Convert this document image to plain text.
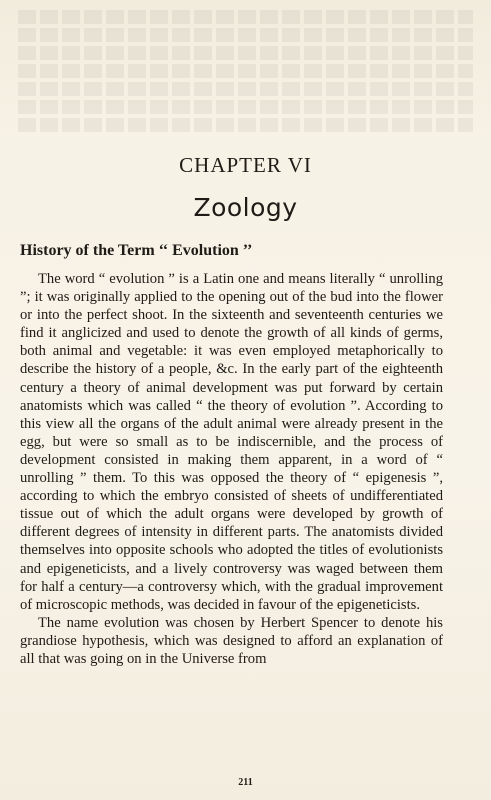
CHAPTER VI
Zoology
History of the Term ‘‘ Evolution ’’

The word “ evolution ” is a Latin one and means literally “ unrolling ”; it was originally applied to the opening out of the bud into the flower or into the perfect shoot. In the sixteenth and seventeenth centuries we find it anglicized and used to denote the growth of all kinds of germs, both animal and vegetable: it was even employed metaphorically to describe the history of a people, &c. In the early part of the eighteenth century a theory of animal development was put forward by certain anatomists which was called “ the theory of evolution ”. According to this view all the organs of the adult animal were already present in the egg, but were so small as to be indiscernible, and the process of development consisted in making them apparent, in a word of “ unrolling ” them. To this was opposed the theory of “ epigenesis ”, according to which the embryo consisted of sheets of undifferentiated tissue out of which the adult organs were developed by growth of different degrees of intensity in different parts. The anatomists divided themselves into opposite schools who adopted the titles of evolutionists and epigeneticists, and a lively controversy was waged between them for half a century—a controversy which, with the gradual improvement of microscopic methods, was decided in favour of the epigeneticists.

The name evolution was chosen by Herbert Spencer to denote his grandiose hypothesis, which was designed to afford an explanation of all that was going on in the Universe from

211
